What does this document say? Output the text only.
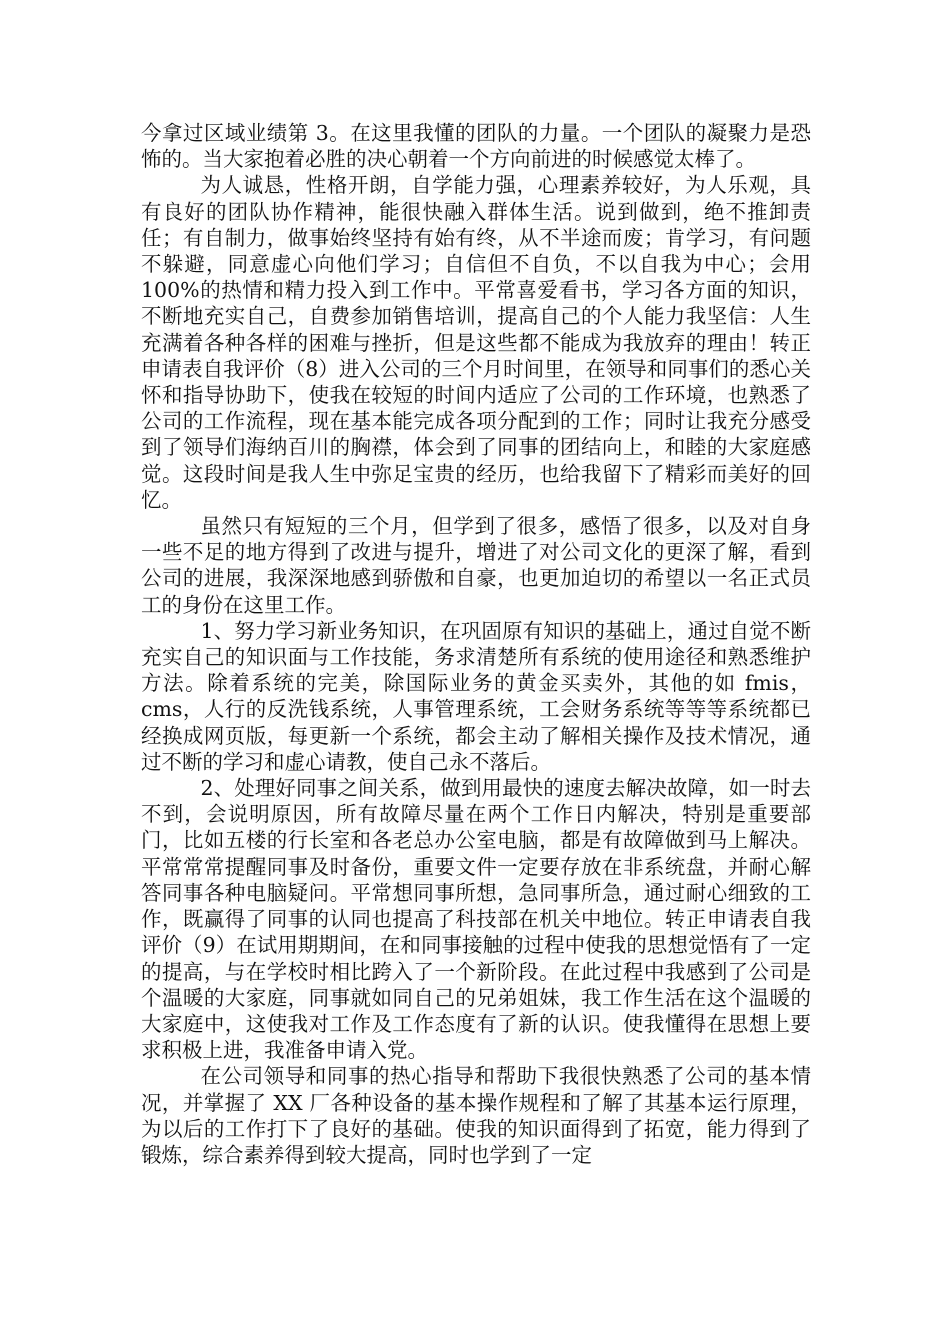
今拿过区域业绩第 3。在这里我懂的团队的力量。一个团队的凝聚力是恐怖的。当大家抱着必胜的决心朝着一个方向前进的时候感觉太棒了。

为人诚恳，性格开朗，自学能力强，心理素养较好，为人乐观，具有良好的团队协作精神，能很快融入群体生活。说到做到，绝不推卸责任；有自制力，做事始终坚持有始有终，从不半途而废；肯学习，有问题不躲避，同意虚心向他们学习；自信但不自负，不以自我为中心；会用 100%的热情和精力投入到工作中。平常喜爱看书，学习各方面的知识，不断地充实自己，自费参加销售培训，提高自己的个人能力我坚信：人生充满着各种各样的困难与挫折，但是这些都不能成为我放弃的理由！转正申请表自我评价（8）进入公司的三个月时间里，在领导和同事们的悉心关怀和指导协助下，使我在较短的时间内适应了公司的工作环境，也熟悉了公司的工作流程，现在基本能完成各项分配到的工作；同时让我充分感受到了领导们海纳百川的胸襟，体会到了同事的团结向上，和睦的大家庭感觉。这段时间是我人生中弥足宝贵的经历，也给我留下了精彩而美好的回忆。

虽然只有短短的三个月，但学到了很多，感悟了很多，以及对自身一些不足的地方得到了改进与提升，增进了对公司文化的更深了解，看到公司的进展，我深深地感到骄傲和自豪，也更加迫切的希望以一名正式员工的身份在这里工作。

1、努力学习新业务知识，在巩固原有知识的基础上，通过自觉不断充实自己的知识面与工作技能，务求清楚所有系统的使用途径和熟悉维护方法。除着系统的完美，除国际业务的黄金买卖外，其他的如 fmis，cms，人行的反洗钱系统，人事管理系统，工会财务系统等等等系统都已经换成网页版，每更新一个系统，都会主动了解相关操作及技术情况，通过不断的学习和虚心请教，使自己永不落后。

2、处理好同事之间关系，做到用最快的速度去解决故障，如一时去不到，会说明原因，所有故障尽量在两个工作日内解决，特别是重要部门，比如五楼的行长室和各老总办公室电脑，都是有故障做到马上解决。平常常常提醒同事及时备份，重要文件一定要存放在非系统盘，并耐心解答同事各种电脑疑问。平常想同事所想，急同事所急，通过耐心细致的工作，既赢得了同事的认同也提高了科技部在机关中地位。转正申请表自我评价（9）在试用期期间，在和同事接触的过程中使我的思想觉悟有了一定的提高，与在学校时相比跨入了一个新阶段。在此过程中我感到了公司是个温暖的大家庭，同事就如同自己的兄弟姐妹，我工作生活在这个温暖的大家庭中，这使我对工作及工作态度有了新的认识。使我懂得在思想上要求积极上进，我准备申请入党。

在公司领导和同事的热心指导和帮助下我很快熟悉了公司的基本情况，并掌握了 XX 厂各种设备的基本操作规程和了解了其基本运行原理，为以后的工作打下了良好的基础。使我的知识面得到了拓宽，能力得到了锻炼，综合素养得到较大提高，同时也学到了一定
